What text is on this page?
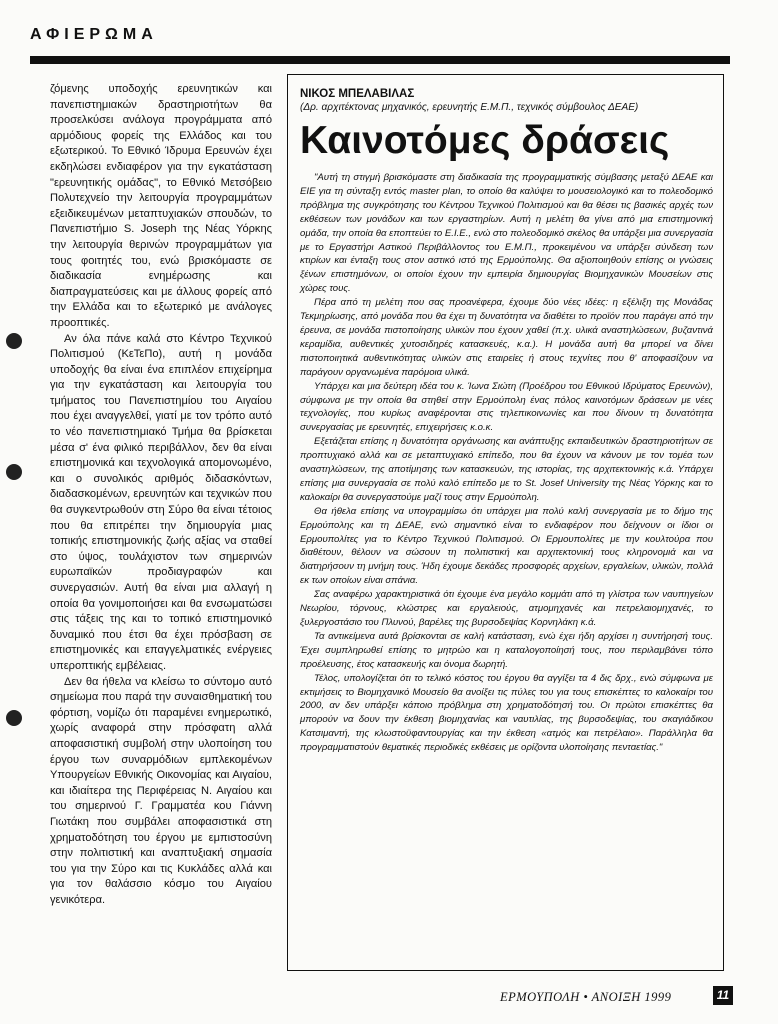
ΑΦΙΕΡΩΜΑ

ζόμενης υποδοχής ερευνητικών και πανεπιστημιακών δραστηριοτήτων θα προσελκύσει ανάλογα προγράμματα από αρμόδιους φορείς της Ελλάδος και του εξωτερικού. Το Εθνικό Ίδρυμα Ερευνών έχει εκδηλώσει ενδιαφέρον για την εγκατάσταση "ερευνητικής ομάδας", το Εθνικό Μετσόβειο Πολυτεχνείο την λειτουργία προγραμμάτων εξειδικευμένων μεταπτυχιακών σπουδών, το Πανεπιστήμιο S. Joseph της Νέας Υόρκης την λειτουργία θερινών προγραμμάτων για τους φοιτητές του, ενώ βρισκόμαστε σε διαδικασία ενημέρωσης και διαπραγματεύσεις και με άλλους φορείς από την Ελλάδα και το εξωτερικό με ανάλογες προοπτικές.

Αν όλα πάνε καλά στο Κέντρο Τεχνικού Πολιτισμού (ΚεΤεΠο), αυτή η μονάδα υποδοχής θα είναι ένα επιπλέον επιχείρημα για την εγκατάσταση και λειτουργία του τμήματος του Πανεπιστημίου του Αιγαίου που έχει αναγγελθεί, γιατί με τον τρόπο αυτό το νέο πανεπιστημιακό Τμήμα θα βρίσκεται μέσα σ' ένα φιλικό περιβάλλον, δεν θα είναι επιστημονικά και τεχνολογικά απομονωμένο, και ο συνολικός αριθμός διδασκόντων, διαδασκομένων, ερευνητών και τεχνικών που θα συγκεντρωθούν στη Σύρο θα είναι τέτοιος που θα επιτρέπει την δημιουργία μιας τοπικής επιστημονικής ζωής αξίας να σταθεί στο ύψος, τουλάχιστον των σημερινών ευρωπαϊκών προδιαγραφών και συνεργασιών. Αυτή θα είναι μια αλλαγή η οποία θα γονιμοποιήσει και θα ενσωματώσει στις τάξεις της και το τοπικό επιστημονικό δυναμικό που έτσι θα έχει πρόσβαση σε επιστημονικές και επαγγελματικές ενέργειες υπεροπτικής εμβέλειας.

Δεν θα ήθελα να κλείσω το σύντομο αυτό σημείωμα που παρά την συναισθηματική του φόρτιση, νομίζω ότι παραμένει ενημερωτικό, χωρίς αναφορά στην πρόσφατη αλλά αποφασιστική συμβολή στην υλοποίηση του έργου των συναρμόδιων εμπλεκομένων Υπουργείων Εθνικής Οικονομίας και Αιγαίου, και ιδιαίτερα της Περιφέρειας Ν. Αιγαίου και του σημερινού Γ. Γραμματέα κου Γιάννη Γιωτάκη που συμβάλει αποφασιστικά στη χρηματοδότηση του έργου με εμπιστοσύνη στην πολιτιστική και αναπτυξιακή σημασία του για την Σύρο και τις Κυκλάδες αλλά και για τον θαλάσσιο κόσμο του Αιγαίου γενικότερα.

ΝΙΚΟΣ ΜΠΕΛΑΒΙΛΑΣ
(Δρ. αρχιτέκτονας μηχανικός, ερευνητής Ε.Μ.Π., τεχνικός σύμβουλος ΔΕΑΕ)
Καινοτόμες δράσεις

"Αυτή τη στιγμή βρισκόμαστε στη διαδικασία της προγραμματικής σύμβασης μεταξύ ΔΕΑΕ και ΕΙΕ για τη σύνταξη εντός master plan, το οποίο θα καλύψει το μουσειολογικό και το πολεοδομικό πρόβλημα της συγκρότησης του Κέντρου Τεχνικού Πολιτισμού και θα θέσει τις βασικές αρχές των εκθέσεων των μονάδων και των εργαστηρίων. Αυτή η μελέτη θα γίνει από μια επιστημονική ομάδα, την οποία θα εποπτεύει το Ε.Ι.Ε., ενώ στο πολεοδομικό σκέλος θα υπάρξει μια συνεργασία με το Εργαστήρι Αστικού Περιβάλλοντος του Ε.Μ.Π., προκειμένου να υπάρξει σύνδεση των κτιρίων και ένταξη τους στον αστικό ιστό της Ερμούπολης. Θα αξιοποιηθούν επίσης οι γνώσεις ξένων επιστημόνων, οι οποίοι έχουν την εμπειρία δημιουργίας Βιομηχανικών Μουσείων στις χώρες τους.

Πέρα από τη μελέτη που σας προανέφερα, έχουμε δύο νέες ιδέες: η εξέλιξη της Μονάδας Τεκμηρίωσης, από μονάδα που θα έχει τη δυνατότητα να διαθέτει το προϊόν που παράγει από την έρευνα, σε μονάδα πιστοποίησης υλικών που έχουν χαθεί (π.χ. υλικά αναστηλώσεων, βυζαντινά κεραμίδια, αυθεντικές χυτοσιδηρές κατασκευές, κ.α.). Η μονάδα αυτή θα μπορεί να δίνει πιστοποιητικά αυθεντικότητας υλικών στις εταιρείες ή στους τεχνίτες που θ' αποφασίζουν να παράγουν οργανωμένα παρόμοια υλικά.

Υπάρχει και μια δεύτερη ιδέα του κ. Ίωνα Σιώτη (Προέδρου του Εθνικού Ιδρύματος Ερευνών), σύμφωνα με την οποία θα στηθεί στην Ερμούπολη ένας πόλος καινοτόμων δράσεων με νέες τεχνολογίες, που κυρίως αναφέρονται στις τηλεπικοινωνίες και που δίνουν τη δυνατότητα συνεργασίας με ερευνητές, επιχειρήσεις κ.ο.κ.

Εξετάζεται επίσης η δυνατότητα οργάνωσης και ανάπτυξης εκπαιδευτικών δραστηριοτήτων σε προπτυχιακό αλλά και σε μεταπτυχιακό επίπεδο, που θα έχουν να κάνουν με τον τομέα των αναστηλώσεων, της αποτίμησης των κατασκευών, της ιστορίας, της αρχιτεκτονικής κ.ά. Υπάρχει επίσης μια συνεργασία σε πολύ καλό επίπεδο με το St. Josef University της Νέας Υόρκης και το καλοκαίρι θα συνεργαστούμε μαζί τους στην Ερμούπολη.

Θα ήθελα επίσης να υπογραμμίσω ότι υπάρχει μια πολύ καλή συνεργασία με το δήμο της Ερμούπολης και τη ΔΕΑΕ, ενώ σημαντικό είναι το ενδιαφέρον που δείχνουν οι ίδιοι οι Ερμουπολίτες για το Κέντρο Τεχνικού Πολιτισμού. Οι Ερμουπολίτες με την κουλτούρα που διαθέτουν, θέλουν να σώσουν τη πολιτιστική και αρχιτεκτονική τους κληρονομιά και να διατηρήσουν τη μνήμη τους. Ήδη έχουμε δεκάδες προσφορές αρχείων, εργαλείων, υλικών, πολλά εκ των οποίων είναι σπάνια.

Σας αναφέρω χαρακτηριστικά ότι έχουμε ένα μεγάλο κομμάτι από τη γλίστρα των ναυπηγείων Νεωρίου, τόρνους, κλώστρες και εργαλειούς, ατμομηχανές και πετρελαιομηχανές, το ξυλεργοστάσιο του Πλυνού, βαρέλες της βυρσοδεψίας Κορνηλάκη κ.ά.

Τα αντικείμενα αυτά βρίσκονται σε καλή κατάσταση, ενώ έχει ήδη αρχίσει η συντήρησή τους. Έχει συμπληρωθεί επίσης το μητρώο και η καταλογοποίησή τους, που περιλαμβάνει τόπο προέλευσης, έτος κατασκευής και όνομα δωρητή.

Τέλος, υπολογίζεται ότι το τελικό κόστος του έργου θα αγγίξει τα 4 δις δρχ., ενώ σύμφωνα με εκτιμήσεις το Βιομηχανικό Μουσείο θα ανοίξει τις πύλες του για τους επισκέπτες το καλοκαίρι του 2000, αν δεν υπάρξει κάποιο πρόβλημα στη χρηματοδότησή του. Οι πρώτοι επισκέπτες θα μπορούν να δουν την έκθεση βιομηχανίας και ναυτιλίας, της βυρσοδεψίας, του σκαγιάδικου Κατσιμαντή, της κλωστοϋφαντουργίας και την έκθεση «ατμός και πετρέλαιο». Παράλληλα θα προγραμματιστούν θεματικές περιοδικές εκθέσεις με ορίζοντα υλοποίησης πενταετίας."

ΕΡΜΟΥΠΟΛΗ • ΑΝΟΙΞΗ 1999	11
